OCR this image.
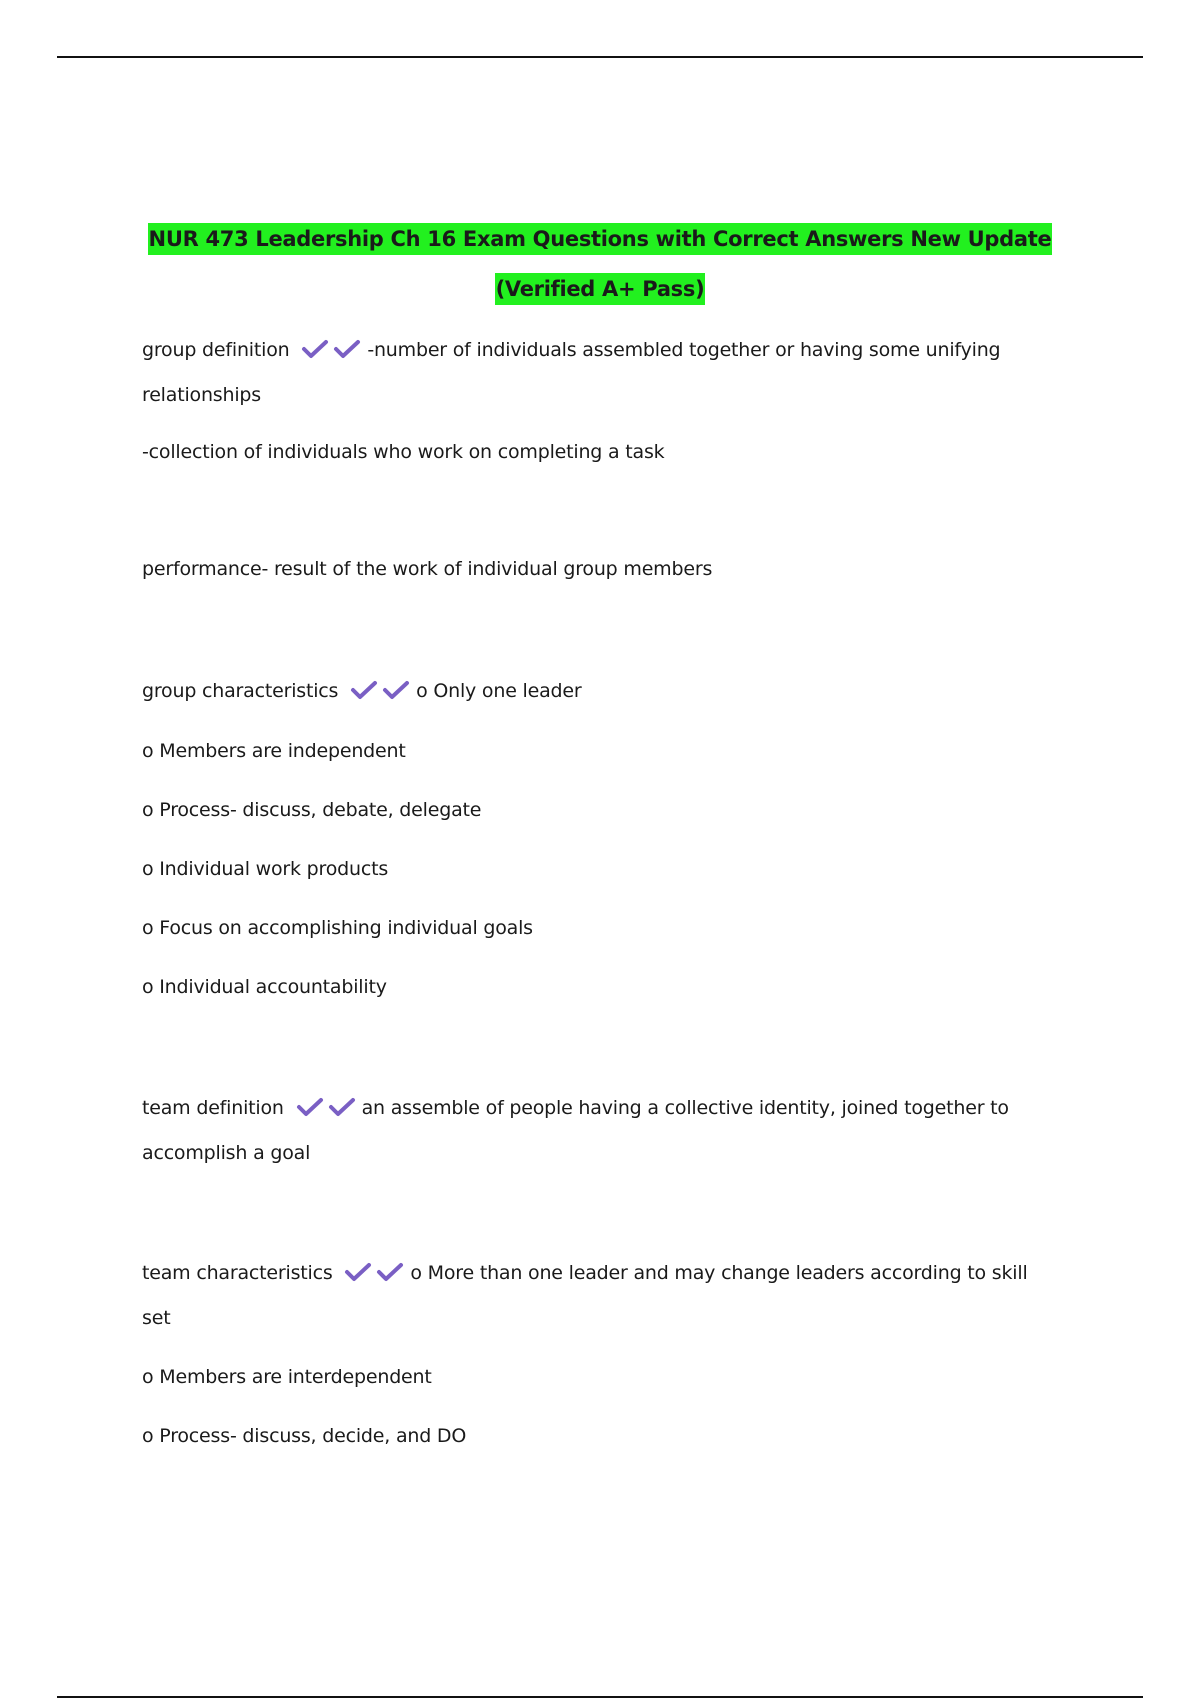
NUR 473 Leadership Ch 16 Exam Questions with Correct Answers New Update
(Verified A+ Pass)
group definition	-number of individuals assembled together or having some unifying
relationships
-collection of individuals who work on completing a task
performance- result of the work of individual group members
group characteristics	o Only one leader
o Members are independent
o Process- discuss, debate, delegate
o Individual work products
o Focus on accomplishing individual goals
o Individual accountability
team definition	an assemble of people having a collective identity, joined together to
accomplish a goal
team characteristics	o More than one leader and may change leaders according to skill
set
o Members are interdependent
o Process- discuss, decide, and DO
